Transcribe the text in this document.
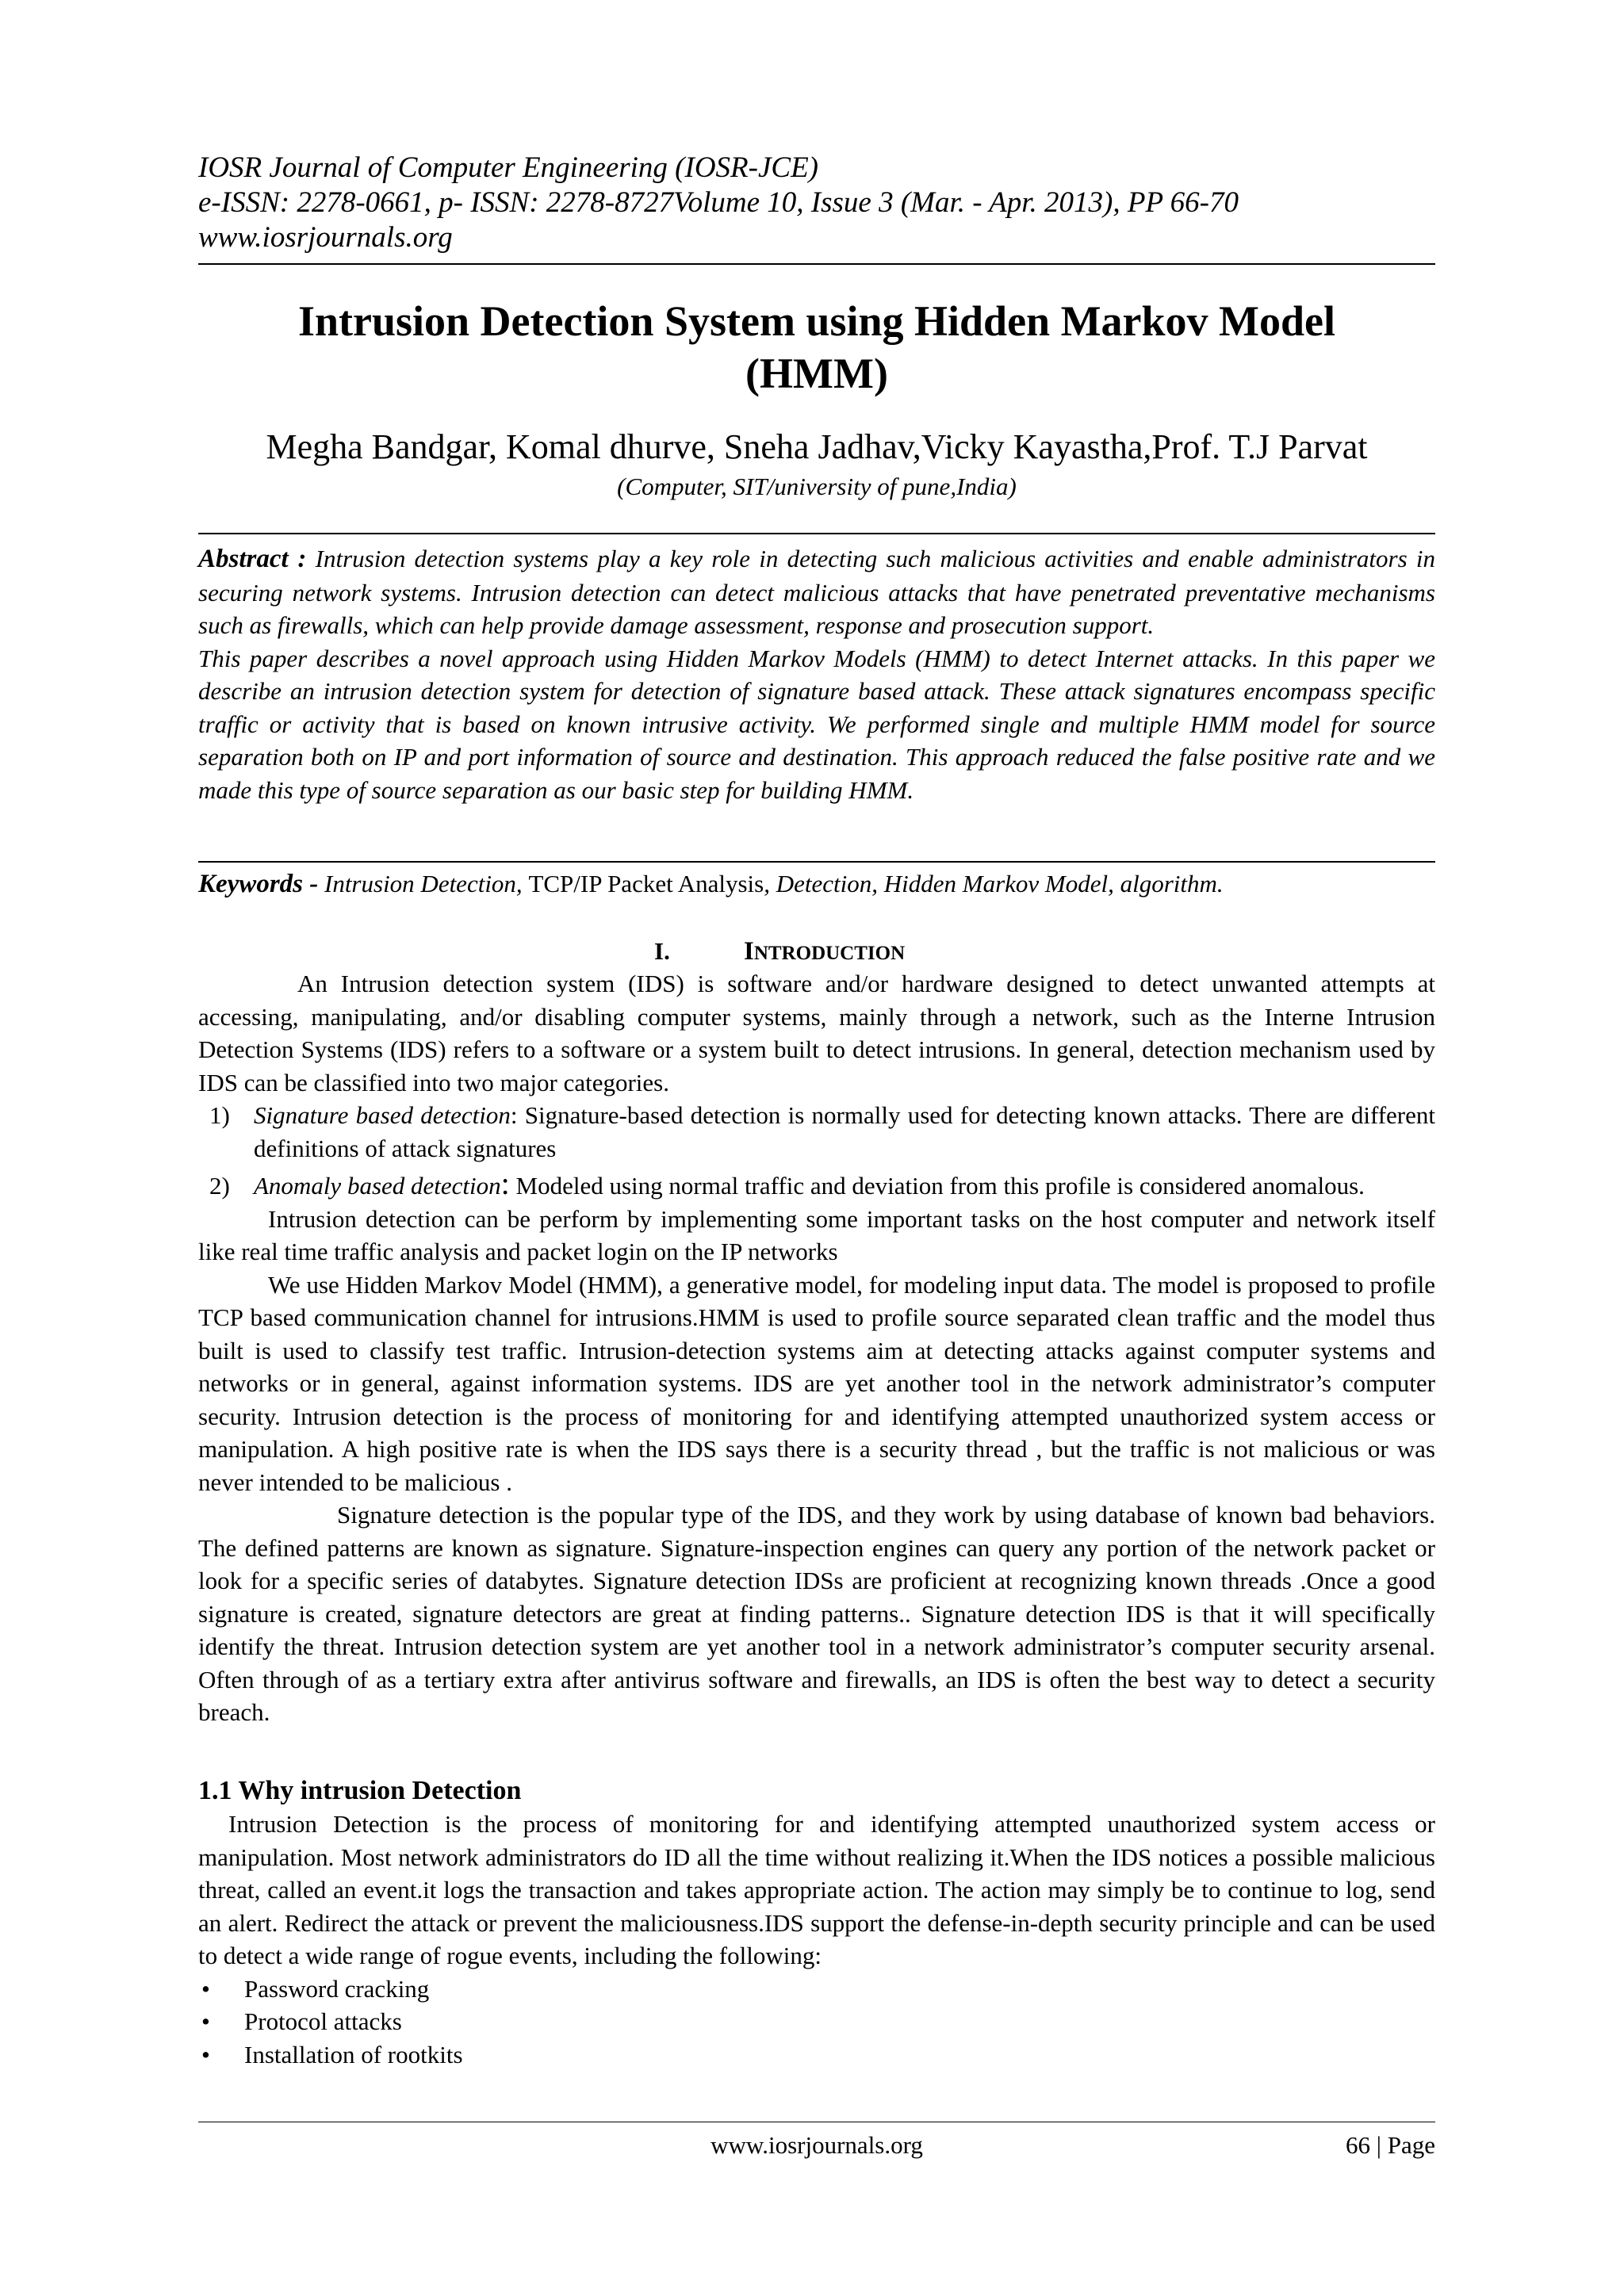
IOSR Journal of Computer Engineering (IOSR-JCE)
e-ISSN: 2278-0661, p- ISSN: 2278-8727Volume 10, Issue 3 (Mar. - Apr. 2013), PP 66-70
www.iosrjournals.org
Intrusion Detection System using Hidden Markov Model
(HMM)
Megha Bandgar, Komal dhurve, Sneha Jadhav,Vicky Kayastha,Prof. T.J Parvat
(Computer, SIT/university of pune,India)

Abstract : Intrusion detection systems play a key role in detecting such malicious activities and enable administrators in securing network systems. Intrusion detection can detect malicious attacks that have penetrated preventative mechanisms such as firewalls, which can help provide damage assessment, response and prosecution support.

This paper describes a novel approach using Hidden Markov Models (HMM) to detect Internet attacks. In this paper we describe an intrusion detection system for detection of signature based attack. These attack signatures encompass specific traffic or activity that is based on known intrusive activity. We performed single and multiple HMM model for source separation both on IP and port information of source and destination. This approach reduced the false positive rate and we made this type of source separation as our basic step for building HMM.

Keywords - Intrusion Detection, TCP/IP Packet Analysis, Detection, Hidden Markov Model, algorithm.
I.	INTRODUCTION

An Intrusion detection system (IDS) is software and/or hardware designed to detect unwanted attempts at accessing, manipulating, and/or disabling computer systems, mainly through a network, such as the Interne Intrusion Detection Systems (IDS) refers to a software or a system built to detect intrusions. In general, detection mechanism used by IDS can be classified into two major categories.

1) Signature based detection: Signature-based detection is normally used for detecting known attacks. There are different definitions of attack signatures

2) Anomaly based detection: Modeled using normal traffic and deviation from this profile is considered anomalous.

Intrusion detection can be perform by implementing some important tasks on the host computer and network itself like real time traffic analysis and packet login on the IP networks

We use Hidden Markov Model (HMM), a generative model, for modeling input data. The model is proposed to profile TCP based communication channel for intrusions.HMM is used to profile source separated clean traffic and the model thus built is used to classify test traffic. Intrusion-detection systems aim at detecting attacks against computer systems and networks or in general, against information systems. IDS are yet another tool in the network administrator’s computer security. Intrusion detection is the process of monitoring for and identifying attempted unauthorized system access or manipulation. A high positive rate is when the IDS says there is a security thread , but the traffic is not malicious or was never intended to be malicious .

Signature detection is the popular type of the IDS, and they work by using database of known bad behaviors. The defined patterns are known as signature. Signature-inspection engines can query any portion of the network packet or look for a specific series of databytes. Signature detection IDSs are proficient at recognizing known threads .Once a good signature is created, signature detectors are great at finding patterns.. Signature detection IDS is that it will specifically identify the threat. Intrusion detection system are yet another tool in a network administrator’s computer security arsenal. Often through of as a tertiary extra after antivirus software and firewalls, an IDS is often the best way to detect a security breach.

1.1 Why intrusion Detection

Intrusion Detection is the process of monitoring for and identifying attempted unauthorized system access or manipulation. Most network administrators do ID all the time without realizing it.When the IDS notices a possible malicious threat, called an event.it logs the transaction and takes appropriate action. The action may simply be to continue to log, send an alert. Redirect the attack or prevent the maliciousness.IDS support the defense-in-depth security principle and can be used to detect a wide range of rogue events, including the following:

• Password cracking
• Protocol attacks
• Installation of rootkits
www.iosrjournals.org	66 | Page
